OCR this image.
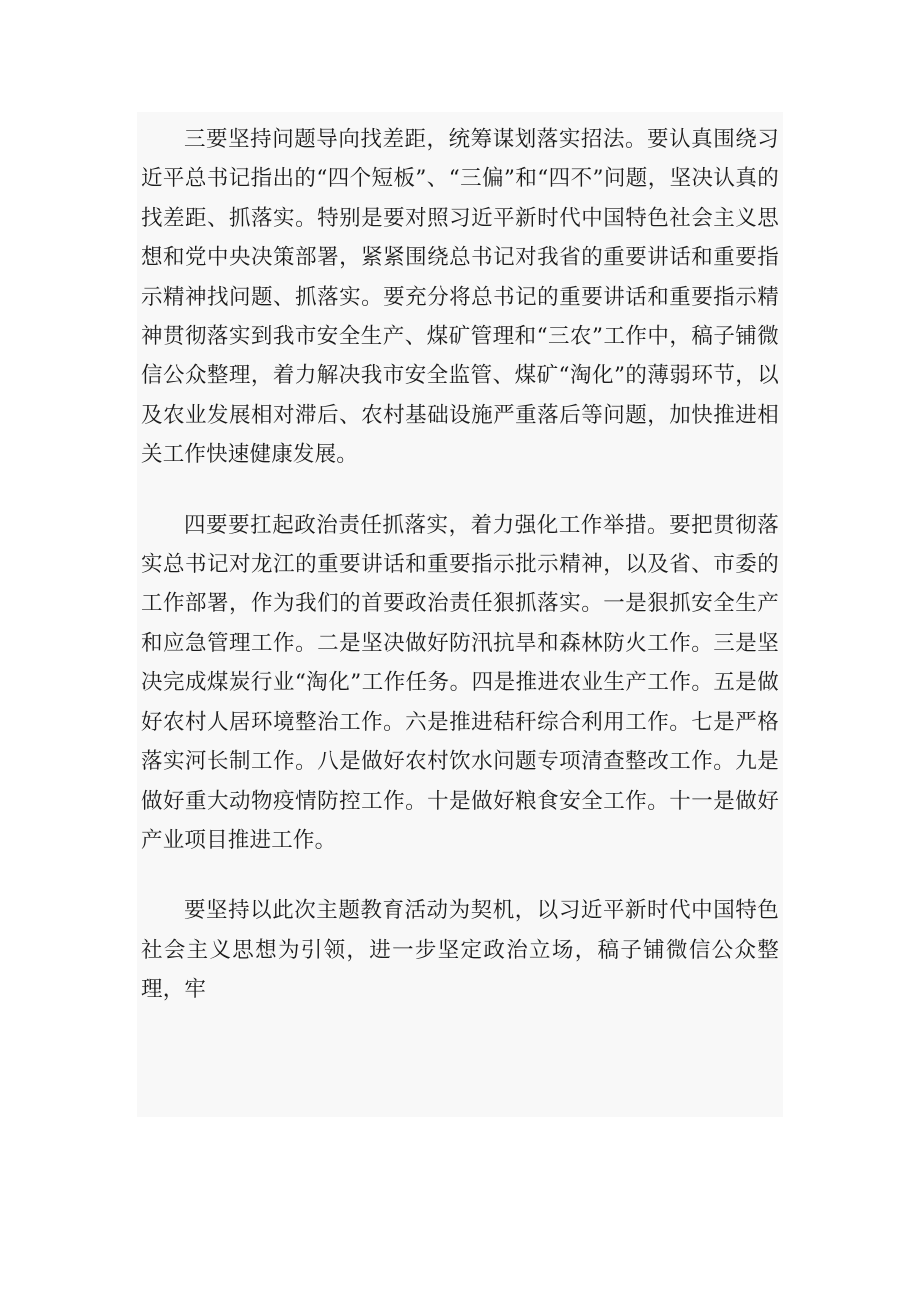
三要坚持问题导向找差距，统筹谋划落实招法。要认真围绕习近平总书记指出的“四个短板”、“三偏”和“四不”问题，坚决认真的找差距、抓落实。特别是要对照习近平新时代中国特色社会主义思想和党中央决策部署，紧紧围绕总书记对我省的重要讲话和重要指示精神找问题、抓落实。要充分将总书记的重要讲话和重要指示精神贯彻落实到我市安全生产、煤矿管理和“三农”工作中，稿子铺微信公众整理，着力解决我市安全监管、煤矿“淘化”的薄弱环节，以及农业发展相对滞后、农村基础设施严重落后等问题，加快推进相关工作快速健康发展。

四要要扛起政治责任抓落实，着力强化工作举措。要把贯彻落实总书记对龙江的重要讲话和重要指示批示精神，以及省、市委的工作部署，作为我们的首要政治责任狠抓落实。一是狠抓安全生产和应急管理工作。二是坚决做好防汛抗旱和森林防火工作。三是坚决完成煤炭行业“淘化”工作任务。四是推进农业生产工作。五是做好农村人居环境整治工作。六是推进秸秆综合利用工作。七是严格落实河长制工作。八是做好农村饮水问题专项清查整改工作。九是做好重大动物疫情防控工作。十是做好粮食安全工作。十一是做好产业项目推进工作。

要坚持以此次主题教育活动为契机，以习近平新时代中国特色社会主义思想为引领，进一步坚定政治立场，稿子铺微信公众整理，牢
